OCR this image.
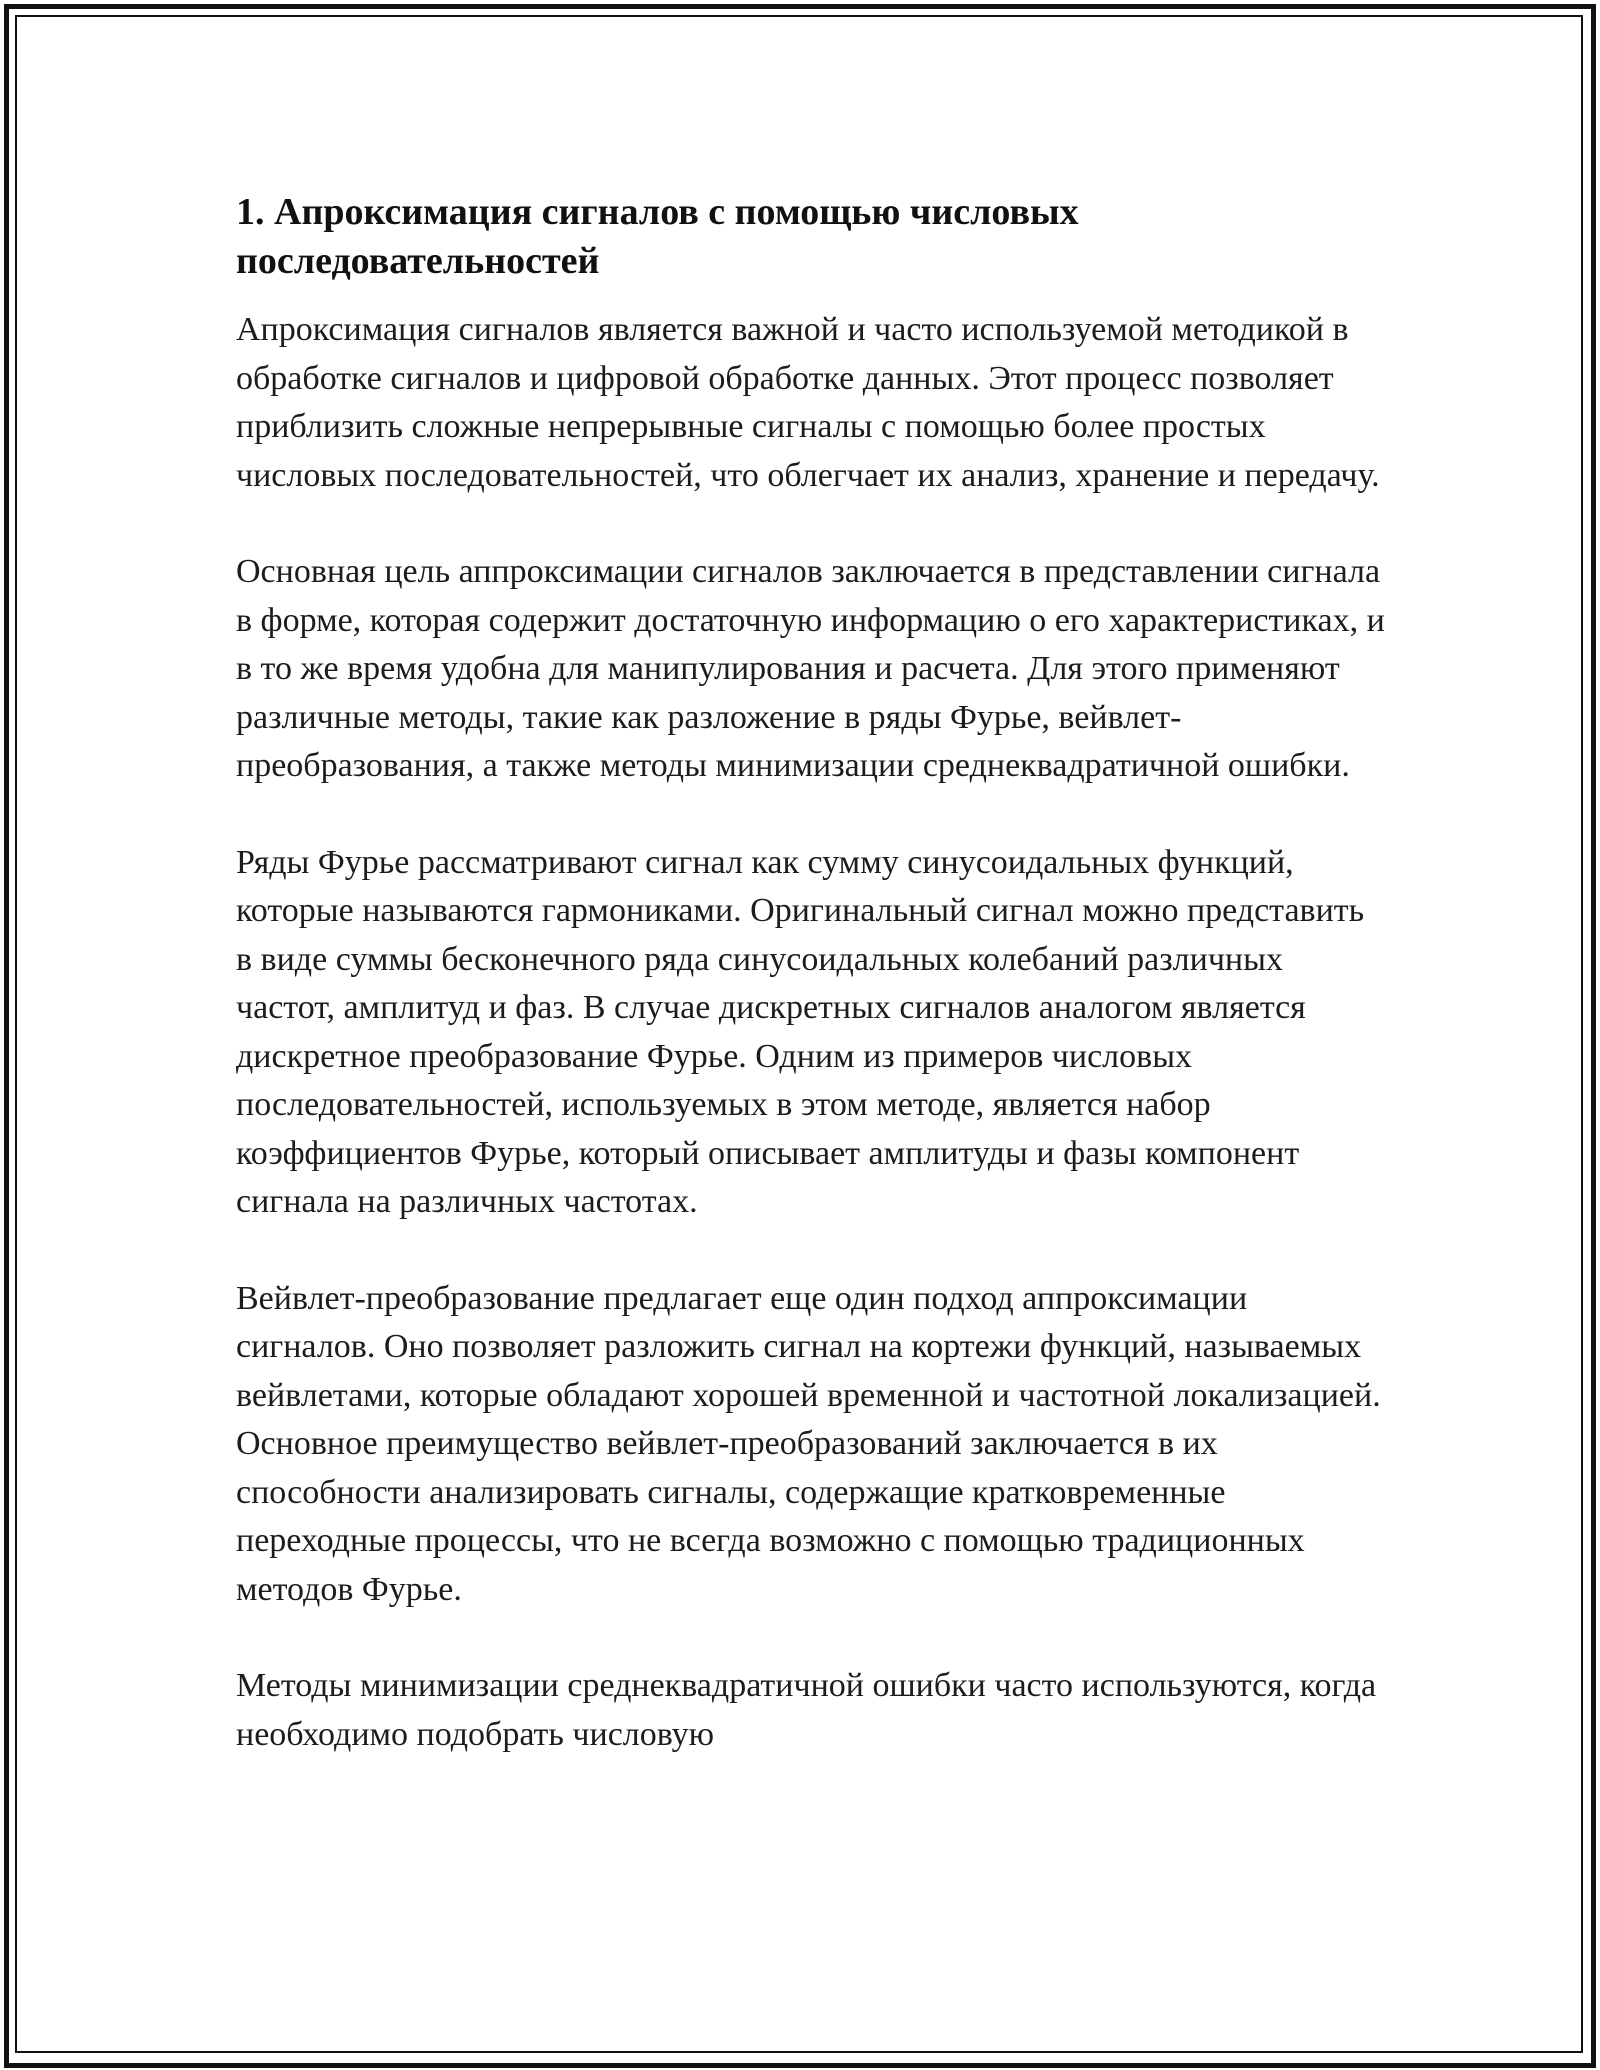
1. Апроксимация сигналов с помощью числовых последовательностей

Апроксимация сигналов является важной и часто используемой методикой в обработке сигналов и цифровой обработке данных. Этот процесс позволяет приблизить сложные непрерывные сигналы с помощью более простых числовых последовательностей, что облегчает их анализ, хранение и передачу.

Основная цель аппроксимации сигналов заключается в представлении сигнала в форме, которая содержит достаточную информацию о его характеристиках, и в то же время удобна для манипулирования и расчета. Для этого применяют различные методы, такие как разложение в ряды Фурье, вейвлет-преобразования, а также методы минимизации среднеквадратичной ошибки.

Ряды Фурье рассматривают сигнал как сумму синусоидальных функций, которые называются гармониками. Оригинальный сигнал можно представить в виде суммы бесконечного ряда синусоидальных колебаний различных частот, амплитуд и фаз. В случае дискретных сигналов аналогом является дискретное преобразование Фурье. Одним из примеров числовых последовательностей, используемых в этом методе, является набор коэффициентов Фурье, который описывает амплитуды и фазы компонент сигнала на различных частотах.

Вейвлет-преобразование предлагает еще один подход аппроксимации сигналов. Оно позволяет разложить сигнал на кортежи функций, называемых вейвлетами, которые обладают хорошей временной и частотной локализацией. Основное преимущество вейвлет-преобразований заключается в их способности анализировать сигналы, содержащие кратковременные переходные процессы, что не всегда возможно с помощью традиционных методов Фурье.

Методы минимизации среднеквадратичной ошибки часто используются, когда необходимо подобрать числовую
